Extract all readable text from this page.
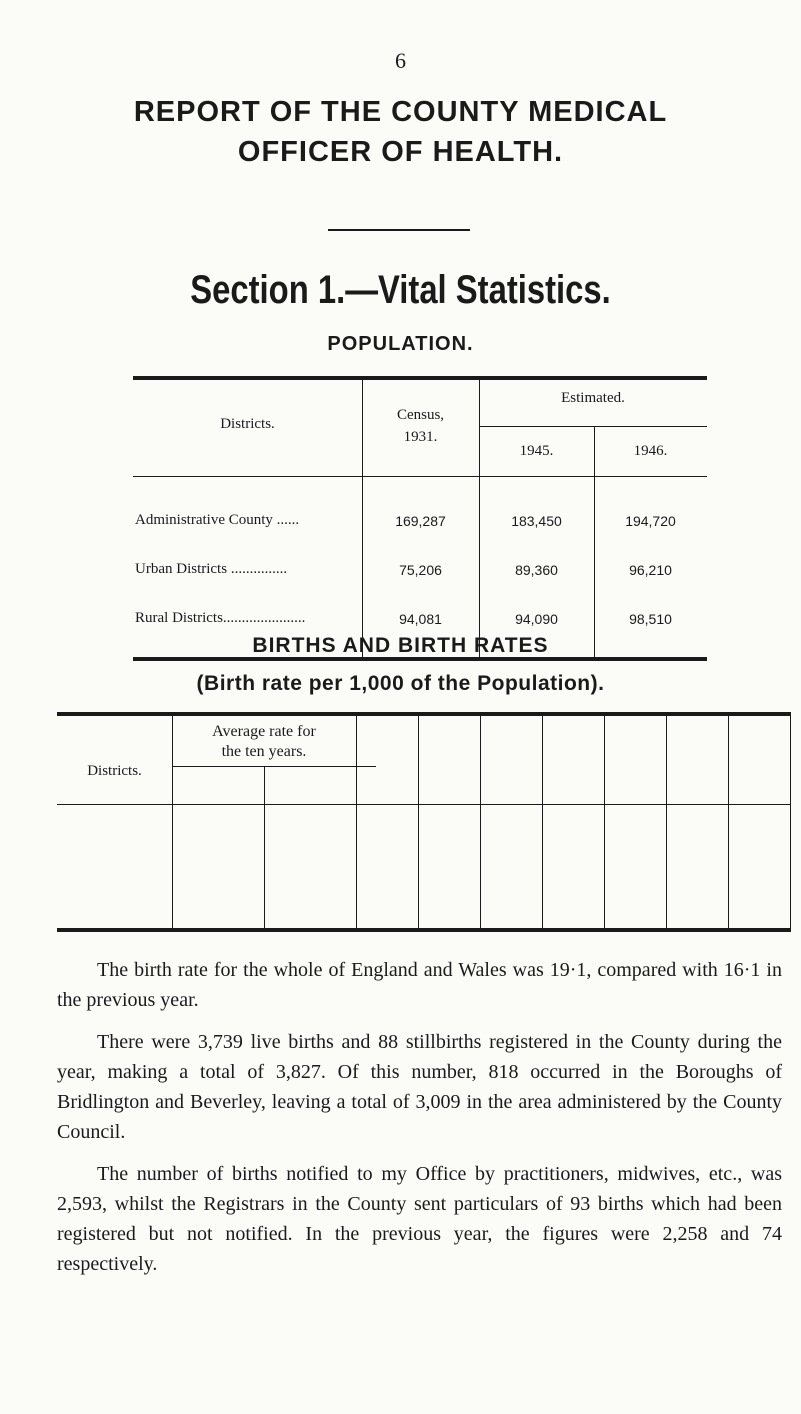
6
REPORT OF THE COUNTY MEDICAL
OFFICER OF HEALTH.
Section 1.—Vital Statistics.
POPULATION.
Districts.
Census,
1931.
Estimated.
1945.	1946.
Administrative County ......	169,287	183,450	194,720
Urban Districts ...............	75,206	89,360	96,210
Rural Districts......................	94,081	94,090	98,510
BIRTHS AND BIRTH RATES
(Birth rate per 1,000 of the Population).
Districts.
Average rate for
the ten years.

The birth rate for the whole of England and Wales was 19·1, compared with 16·1 in the previous year.

There were 3,739 live births and 88 stillbirths registered in the County during the year, making a total of 3,827. Of this number, 818 occurred in the Boroughs of Bridlington and Beverley, leaving a total of 3,009 in the area administered by the County Council.

The number of births notified to my Office by practitioners, midwives, etc., was 2,593, whilst the Registrars in the County sent particulars of 93 births which had been registered but not notified. In the previous year, the figures were 2,258 and 74 respectively.
